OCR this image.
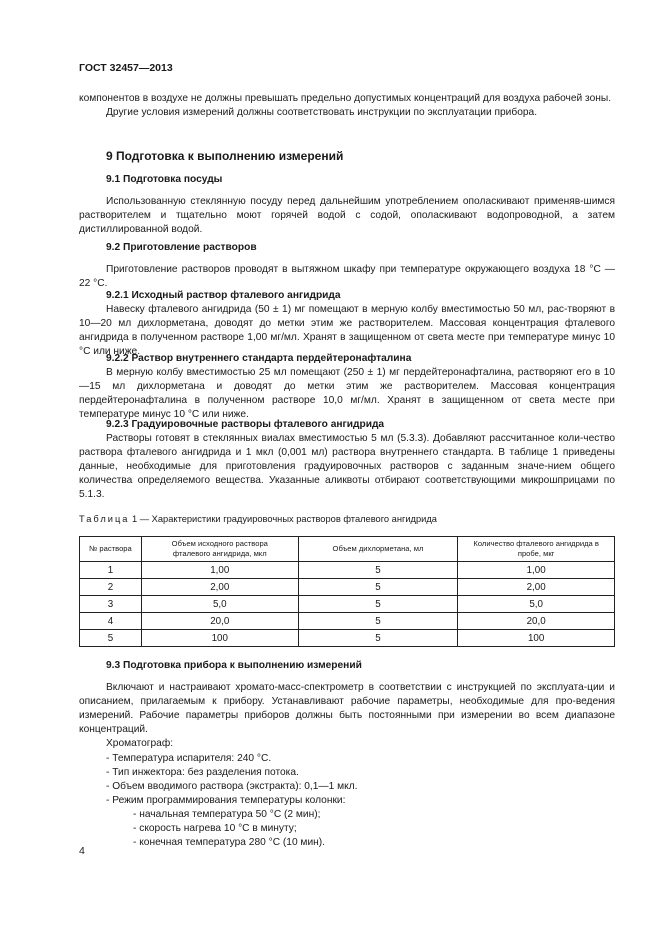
ГОСТ 32457—2013

компонентов в воздухе не должны превышать предельно допустимых концентраций для воздуха рабочей зоны.

Другие условия измерений должны соответствовать инструкции по эксплуатации прибора.

9 Подготовка к выполнению измерений

9.1 Подготовка посуды

Использованную стеклянную посуду перед дальнейшим употреблением ополаскивают применяв-шимся растворителем и тщательно моют горячей водой с содой, ополаскивают водопроводной, а затем дистиллированной водой.

9.2 Приготовление растворов

Приготовление растворов проводят в вытяжном шкафу при температуре окружающего воздуха 18 °С — 22 °С.

9.2.1 Исходный раствор фталевого ангидрида

Навеску фталевого ангидрида (50 ± 1) мг помещают в мерную колбу вместимостью 50 мл, рас-творяют в 10—20 мл дихлорметана, доводят до метки этим же растворителем. Массовая концентрация фталевого ангидрида в полученном растворе 1,00 мг/мл. Хранят в защищенном от света месте при температуре минус 10 °С или ниже.

9.2.2 Раствор внутреннего стандарта пердейтеронафталина

В мерную колбу вместимостью 25 мл помещают (250 ± 1) мг пердейтеронафталина, растворяют его в 10—15 мл дихлорметана и доводят до метки этим же растворителем. Массовая концентрация пердейтеронафталина в полученном растворе 10,0 мг/мл. Хранят в защищенном от света месте при температуре минус 10 °С или ниже.

9.2.3 Градуировочные растворы фталевого ангидрида

Растворы готовят в стеклянных виалах вместимостью 5 мл (5.3.3). Добавляют рассчитанное коли-чество раствора фталевого ангидрида и 1 мкл (0,001 мл) раствора внутреннего стандарта. В таблице 1 приведены данные, необходимые для приготовления градуировочных растворов с заданным значе-нием общего количества определяемого вещества. Указанные аликвоты отбирают соответствующими микрошприцами по 5.1.3.

Таблица 1 — Характеристики градуировочных растворов фталевого ангидрида
№ раствора	Объем исходного раствора фталевого ангидрида, мкл	Объем дихлорметана, мл	Количество фталевого ангидрида в пробе, мкг
1	1,00	5	1,00
2	2,00	5	2,00
3	5,0	5	5,0
4	20,0	5	20,0
5	100	5	100

9.3 Подготовка прибора к выполнению измерений

Включают и настраивают хромато-масс-спектрометр в соответствии с инструкцией по эксплуата-ции и описанием, прилагаемым к прибору. Устанавливают рабочие параметры, необходимые для про-ведения измерений. Рабочие параметры приборов должны быть постоянными при измерении во всем диапазоне концентраций.

Хроматограф:

- Температура испарителя: 240 °С.

- Тип инжектора: без разделения потока.

- Объем вводимого раствора (экстракта): 0,1—1 мкл.

- Режим программирования температуры колонки:

- начальная температура 50 °С (2 мин);

- скорость нагрева 10 °С в минуту;

- конечная температура 280 °С (10 мин).

4
